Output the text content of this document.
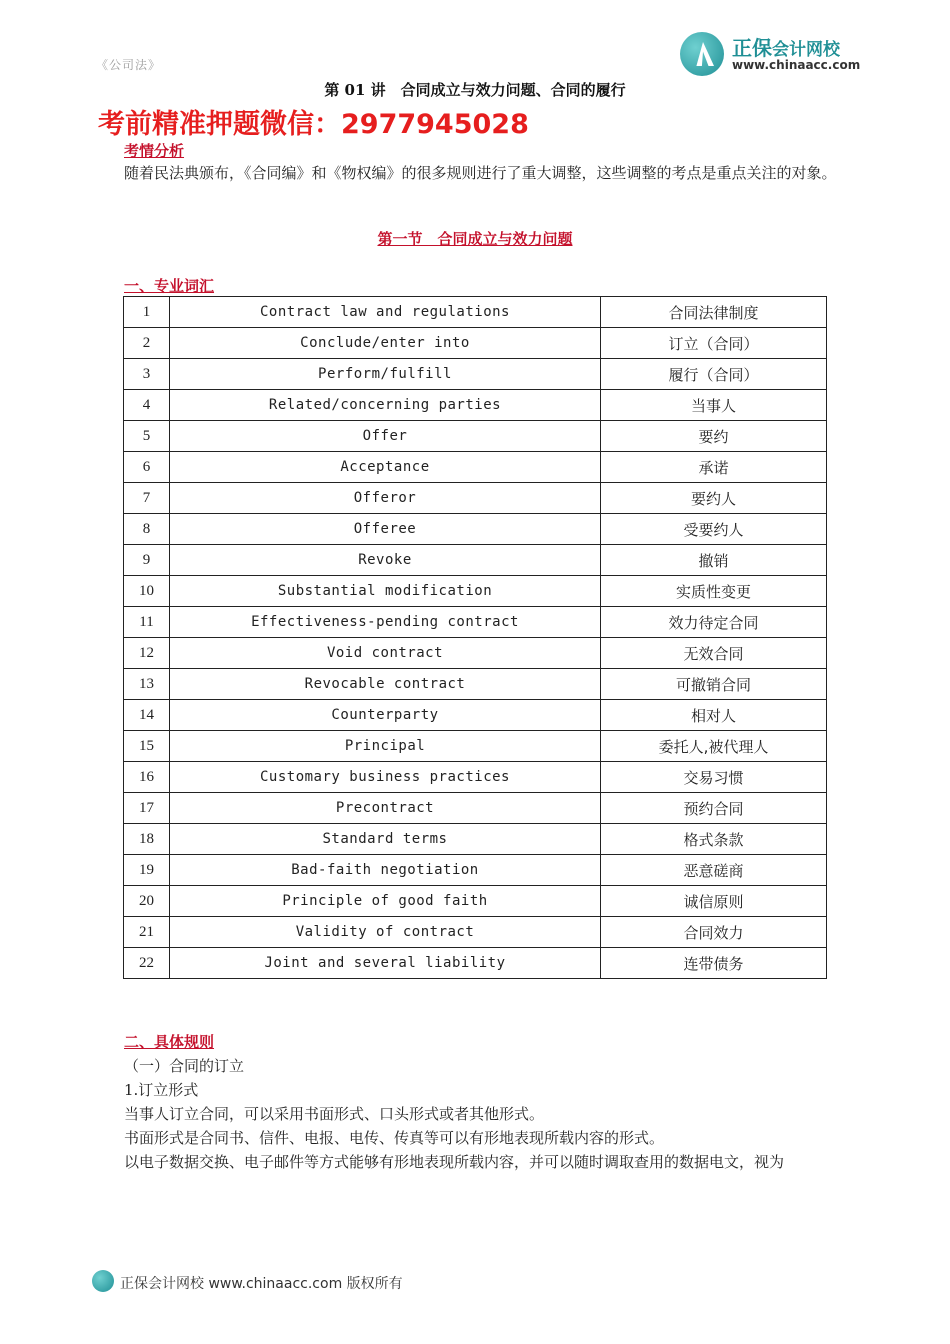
《公司法》
正保会计网校
www.chinaacc.com
第 01 讲　合同成立与效力问题、合同的履行
考前精准押题微信：2977945028
考情分析
随着民法典颁布，《合同编》和《物权编》的很多规则进行了重大调整，这些调整的考点是重点关注的对象。
第一节　合同成立与效力问题
一、专业词汇
1	Contract law and regulations	合同法律制度
2	Conclude/enter into	订立（合同）
3	Perform/fulfill	履行（合同）
4	Related/concerning parties	当事人
5	Offer	要约
6	Acceptance	承诺
7	Offeror	要约人
8	Offeree	受要约人
9	Revoke	撤销
10	Substantial modification	实质性变更
11	Effectiveness-pending contract	效力待定合同
12	Void contract	无效合同
13	Revocable contract	可撤销合同
14	Counterparty	相对人
15	Principal	委托人,被代理人
16	Customary business practices	交易习惯
17	Precontract	预约合同
18	Standard terms	格式条款
19	Bad-faith negotiation	恶意磋商
20	Principle of good faith	诚信原则
21	Validity of contract	合同效力
22	Joint and several liability	连带债务
二、具体规则
（一）合同的订立
1.订立形式
当事人订立合同，可以采用书面形式、口头形式或者其他形式。
书面形式是合同书、信件、电报、电传、传真等可以有形地表现所载内容的形式。
以电子数据交换、电子邮件等方式能够有形地表现所载内容，并可以随时调取查用的数据电文，视为
正保会计网校 www.chinaacc.com 版权所有
